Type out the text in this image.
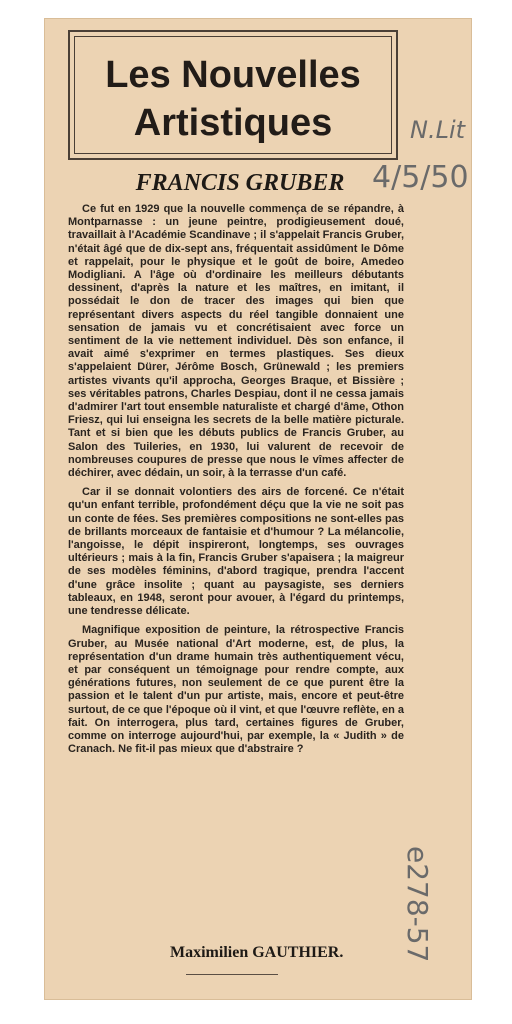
Les Nouvelles
Artistiques	N.Lit
4/5/50
e278-57
FRANCIS GRUBER

Ce fut en 1929 que la nouvelle commença de se répandre, à Montparnasse : un jeune peintre, prodigieusement doué, travaillait à l'Académie Scandinave ; il s'appelait Francis Gruber, n'était âgé que de dix-sept ans, fréquentait assidûment le Dôme et rappelait, pour le physique et le goût de boire, Amedeo Modigliani. A l'âge où d'ordinaire les meilleurs débutants dessinent, d'après la nature et les maîtres, en imitant, il possédait le don de tracer des images qui bien que représentant divers aspects du réel tangible donnaient une sensation de jamais vu et concrétisaient avec force un sentiment de la vie nettement individuel. Dès son enfance, il avait aimé s'exprimer en termes plastiques. Ses dieux s'appelaient Dürer, Jérôme Bosch, Grünewald ; les premiers artistes vivants qu'il approcha, Georges Braque, et Bissière ; ses véritables patrons, Charles Despiau, dont il ne cessa jamais d'admirer l'art tout ensemble naturaliste et chargé d'âme, Othon Friesz, qui lui enseigna les secrets de la belle matière picturale. Tant et si bien que les débuts publics de Francis Gruber, au Salon des Tuileries, en 1930, lui valurent de recevoir de nombreuses coupures de presse que nous le vîmes affecter de déchirer, avec dédain, un soir, à la terrasse d'un café.

Car il se donnait volontiers des airs de forcené. Ce n'était qu'un enfant terrible, profondément déçu que la vie ne soit pas un conte de fées. Ses premières compositions ne sont-elles pas de brillants morceaux de fantaisie et d'humour ? La mélancolie, l'angoisse, le dépit inspireront, longtemps, ses ouvrages ultérieurs ; mais à la fin, Francis Gruber s'apaisera ; la maigreur de ses modèles féminins, d'abord tragique, prendra l'accent d'une grâce insolite ; quant au paysagiste, ses derniers tableaux, en 1948, seront pour avouer, à l'égard du printemps, une tendresse délicate.

Magnifique exposition de peinture, la rétrospective Francis Gruber, au Musée national d'Art moderne, est, de plus, la représentation d'un drame humain très authentiquement vécu, et par conséquent un témoignage pour rendre compte, aux générations futures, non seulement de ce que purent être la passion et le talent d'un pur artiste, mais, encore et peut-être surtout, de ce que l'époque où il vint, et que l'œuvre reflète, en a fait. On interrogera, plus tard, certaines figures de Gruber, comme on interroge aujourd'hui, par exemple, la « Judith » de Cranach. Ne fit-il pas mieux que d'abstraire ?

Maximilien GAUTHIER.
